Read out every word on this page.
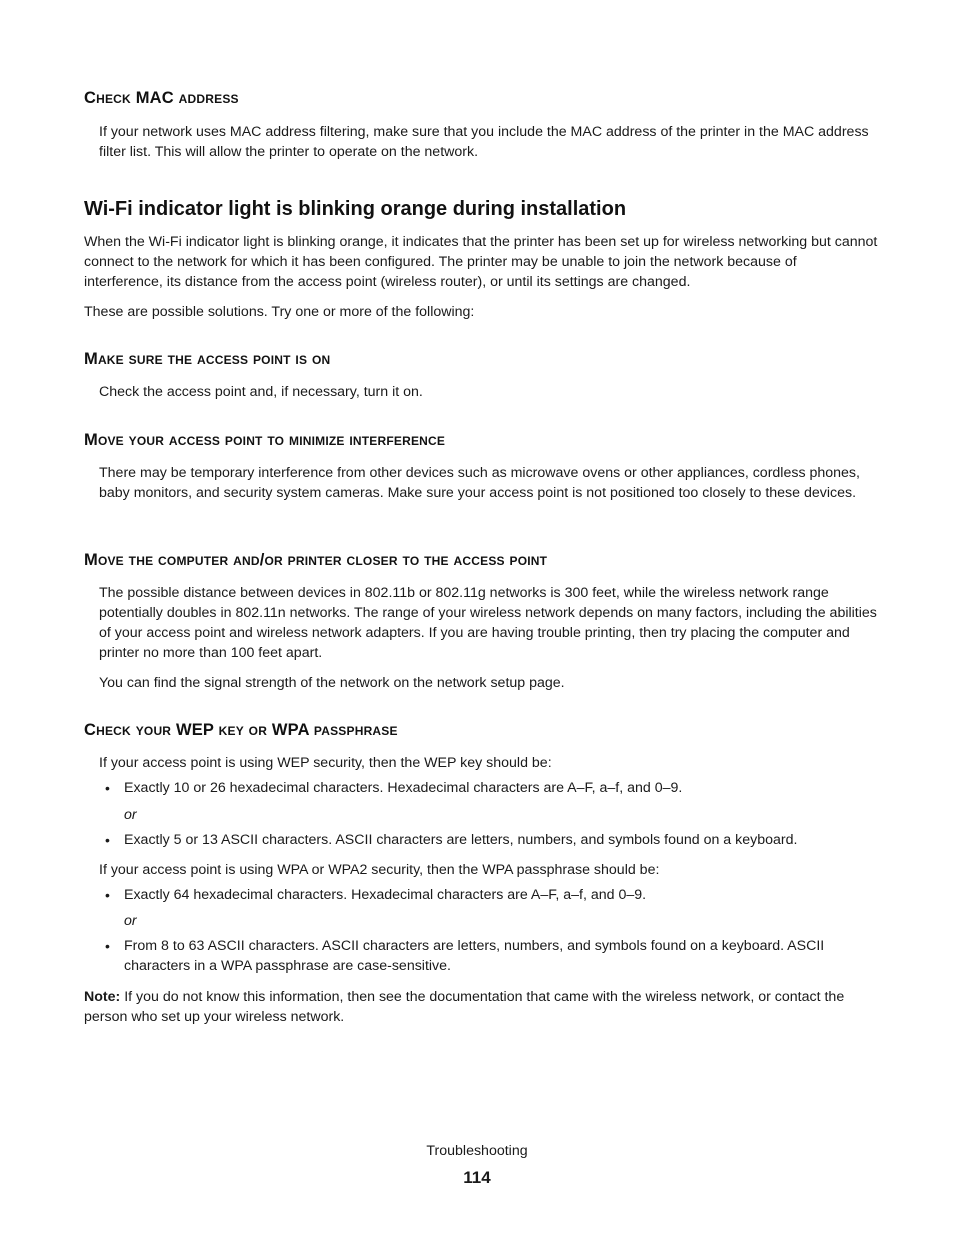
Check MAC address

If your network uses MAC address filtering, make sure that you include the MAC address of the printer in the MAC address filter list. This will allow the printer to operate on the network.

Wi-Fi indicator light is blinking orange during installation

When the Wi-Fi indicator light is blinking orange, it indicates that the printer has been set up for wireless networking but cannot connect to the network for which it has been configured. The printer may be unable to join the network because of interference, its distance from the access point (wireless router), or until its settings are changed.

These are possible solutions. Try one or more of the following:

Make sure the access point is on

Check the access point and, if necessary, turn it on.

Move your access point to minimize interference

There may be temporary interference from other devices such as microwave ovens or other appliances, cordless phones, baby monitors, and security system cameras. Make sure your access point is not positioned too closely to these devices.

Move the computer and/or printer closer to the access point

The possible distance between devices in 802.11b or 802.11g networks is 300 feet, while the wireless network range potentially doubles in 802.11n networks. The range of your wireless network depends on many factors, including the abilities of your access point and wireless network adapters. If you are having trouble printing, then try placing the computer and printer no more than 100 feet apart.

You can find the signal strength of the network on the network setup page.

Check your WEP key or WPA passphrase

If your access point is using WEP security, then the WEP key should be:

• Exactly 10 or 26 hexadecimal characters. Hexadecimal characters are A–F, a–f, and 0–9.

or

• Exactly 5 or 13 ASCII characters. ASCII characters are letters, numbers, and symbols found on a keyboard.

If your access point is using WPA or WPA2 security, then the WPA passphrase should be:

• Exactly 64 hexadecimal characters. Hexadecimal characters are A–F, a–f, and 0–9.

or

• From 8 to 63 ASCII characters. ASCII characters are letters, numbers, and symbols found on a keyboard. ASCII characters in a WPA passphrase are case-sensitive.

Note: If you do not know this information, then see the documentation that came with the wireless network, or contact the person who set up your wireless network.

Troubleshooting

114
